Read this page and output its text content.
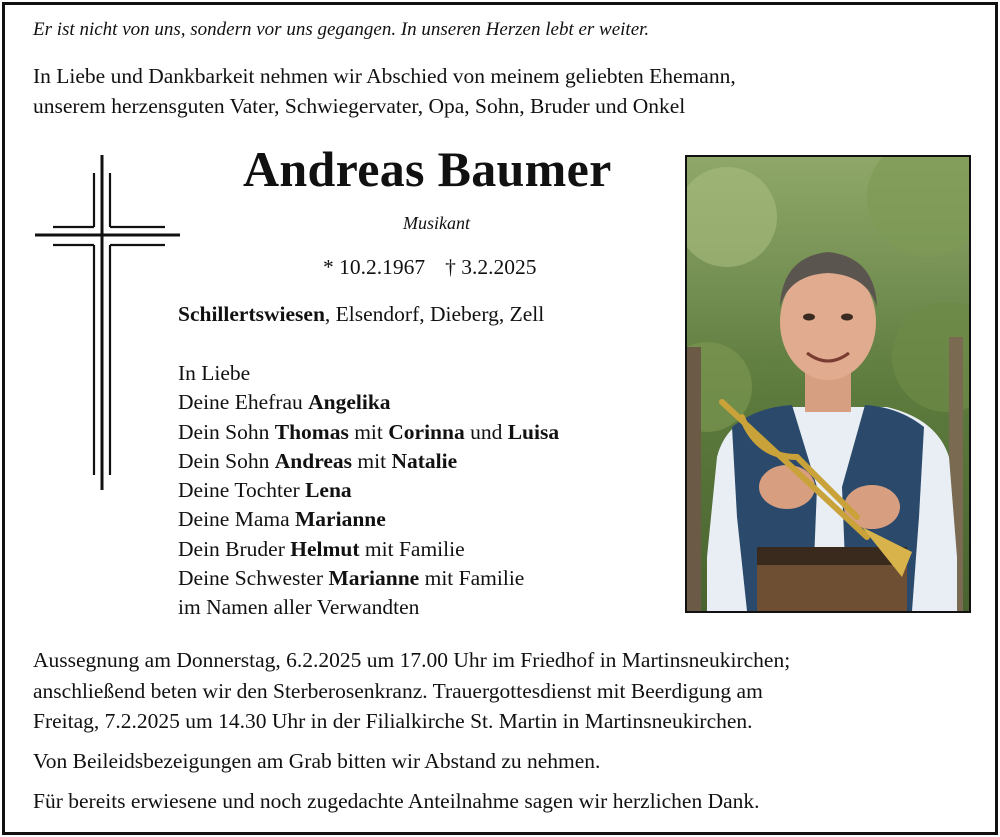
Er ist nicht von uns, sondern vor uns gegangen. In unseren Herzen lebt er weiter.
In Liebe und Dankbarkeit nehmen wir Abschied von meinem geliebten Ehemann,
unserem herzensguten Vater, Schwiegervater, Opa, Sohn, Bruder und Onkel
Andreas Baumer
Musikant
* 10.2.1967 † 3.2.2025
Schillertswiesen, Elsendorf, Dieberg, Zell
In Liebe
Deine Ehefrau Angelika
Dein Sohn Thomas mit Corinna und Luisa
Dein Sohn Andreas mit Natalie
Deine Tochter Lena
Deine Mama Marianne
Dein Bruder Helmut mit Familie
Deine Schwester Marianne mit Familie
im Namen aller Verwandten
Aussegnung am Donnerstag, 6.2.2025 um 17.00 Uhr im Friedhof in Martinsneukirchen;
anschließend beten wir den Sterberosenkranz. Trauergottesdienst mit Beerdigung am
Freitag, 7.2.2025 um 14.30 Uhr in der Filialkirche St. Martin in Martinsneukirchen.
Von Beileidsbezeigungen am Grab bitten wir Abstand zu nehmen.
Für bereits erwiesene und noch zugedachte Anteilnahme sagen wir herzlichen Dank.
